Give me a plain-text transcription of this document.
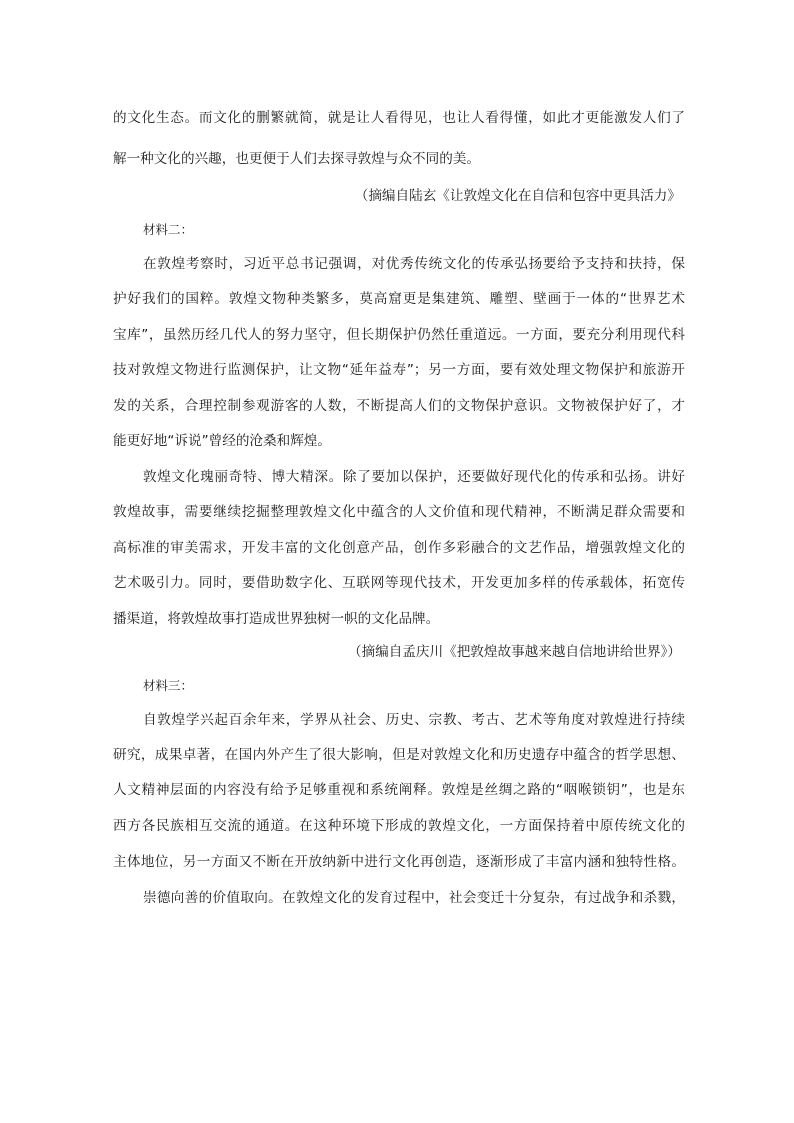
的文化生态。而文化的删繁就简，就是让人看得见，也让人看得懂，如此才更能激发人们了
解一种文化的兴趣，也更便于人们去探寻敦煌与众不同的美。
（摘编自陆玄《让敦煌文化在自信和包容中更具活力》
材料二：
在敦煌考察时，习近平总书记强调，对优秀传统文化的传承弘扬要给予支持和扶持，保
护好我们的国粹。敦煌文物种类繁多，莫高窟更是集建筑、雕塑、壁画于一体的“世界艺术
宝库”，虽然历经几代人的努力坚守，但长期保护仍然任重道远。一方面，要充分利用现代科
技对敦煌文物进行监测保护，让文物“延年益寿”；另一方面，要有效处理文物保护和旅游开
发的关系，合理控制参观游客的人数，不断提高人们的文物保护意识。文物被保护好了，才
能更好地“诉说”曾经的沧桑和辉煌。
敦煌文化瑰丽奇特、博大精深。除了要加以保护，还要做好现代化的传承和弘扬。讲好
敦煌故事，需要继续挖掘整理敦煌文化中蕴含的人文价值和现代精神，不断满足群众需要和
高标准的审美需求，开发丰富的文化创意产品，创作多彩融合的文艺作品，增强敦煌文化的
艺术吸引力。同时，要借助数字化、互联网等现代技术，开发更加多样的传承载体，拓宽传
播渠道，将敦煌故事打造成世界独树一帜的文化品牌。
（摘编自孟庆川《把敦煌故事越来越自信地讲给世界》）
材料三：
自敦煌学兴起百余年来，学界从社会、历史、宗教、考古、艺术等角度对敦煌进行持续
研究，成果卓著，在国内外产生了很大影响，但是对敦煌文化和历史遗存中蕴含的哲学思想、
人文精神层面的内容没有给予足够重视和系统阐释。敦煌是丝绸之路的“咽喉锁钥”，也是东
西方各民族相互交流的通道。在这种环境下形成的敦煌文化，一方面保持着中原传统文化的
主体地位，另一方面又不断在开放纳新中进行文化再创造，逐渐形成了丰富内涵和独特性格。
崇德向善的价值取向。在敦煌文化的发育过程中，社会变迁十分复杂，有过战争和杀戮，
